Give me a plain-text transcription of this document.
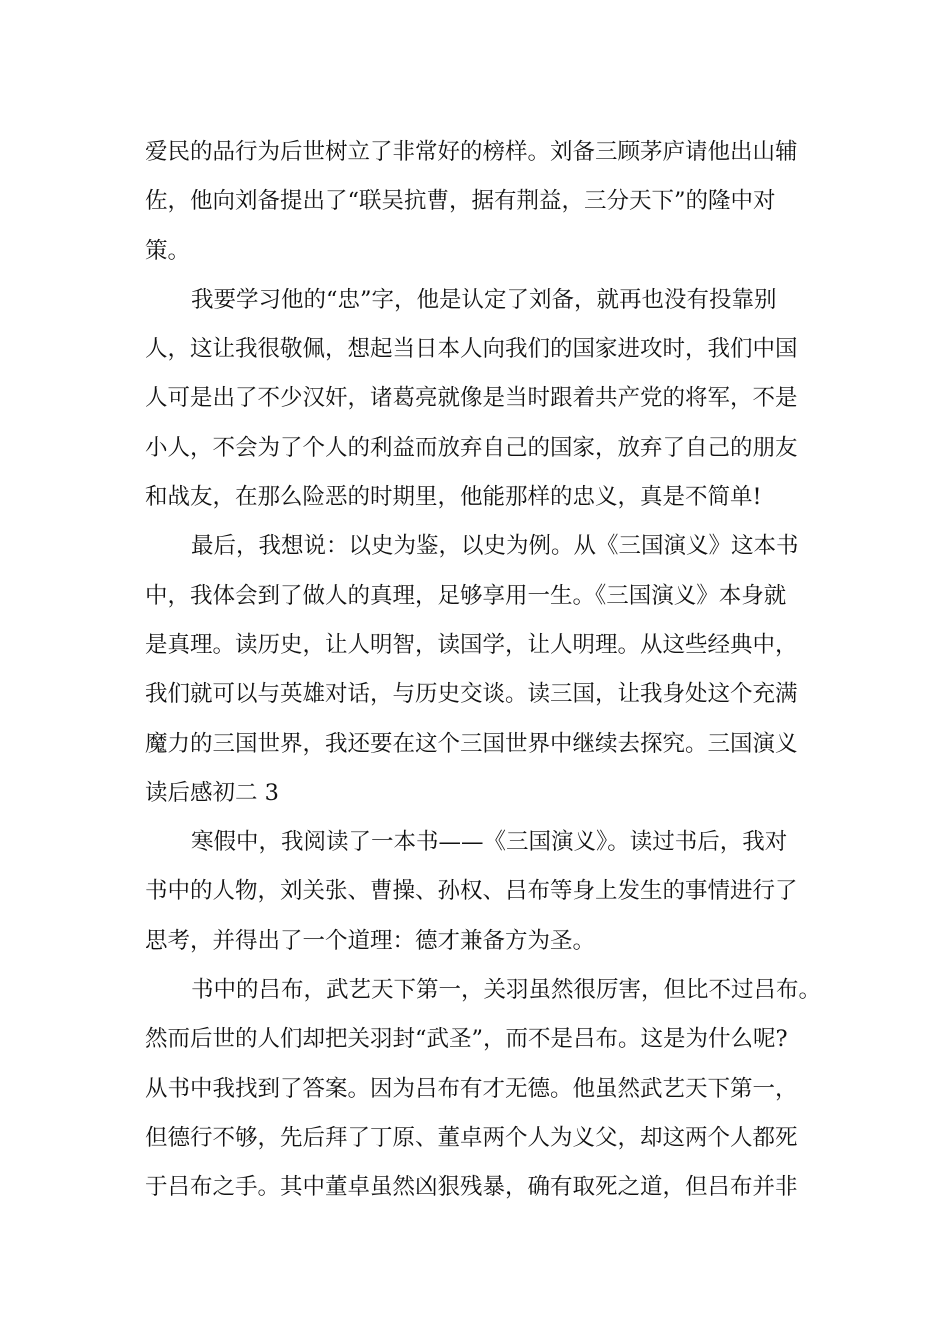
爱民的品行为后世树立了非常好的榜样。刘备三顾茅庐请他出山辅
佐，他向刘备提出了“联吴抗曹，据有荆益，三分天下”的隆中对
策。
我要学习他的“忠”字，他是认定了刘备，就再也没有投靠别
人，这让我很敬佩，想起当日本人向我们的国家进攻时，我们中国
人可是出了不少汉奸，诸葛亮就像是当时跟着共产党的将军，不是
小人，不会为了个人的利益而放弃自己的国家，放弃了自己的朋友
和战友，在那么险恶的时期里，他能那样的忠义，真是不简单!
最后，我想说：以史为鉴，以史为例。从《三国演义》这本书
中，我体会到了做人的真理，足够享用一生。《三国演义》本身就
是真理。读历史，让人明智，读国学，让人明理。从这些经典中，
我们就可以与英雄对话，与历史交谈。读三国，让我身处这个充满
魔力的三国世界，我还要在这个三国世界中继续去探究。三国演义
读后感初二 3
寒假中，我阅读了一本书——《三国演义》。读过书后，我对
书中的人物，刘关张、曹操、孙权、吕布等身上发生的事情进行了
思考，并得出了一个道理：德才兼备方为圣。
书中的吕布，武艺天下第一，关羽虽然很厉害，但比不过吕布。
然而后世的人们却把关羽封“武圣”，而不是吕布。这是为什么呢?
从书中我找到了答案。因为吕布有才无德。他虽然武艺天下第一，
但德行不够，先后拜了丁原、董卓两个人为义父，却这两个人都死
于吕布之手。其中董卓虽然凶狠残暴，确有取死之道，但吕布并非
